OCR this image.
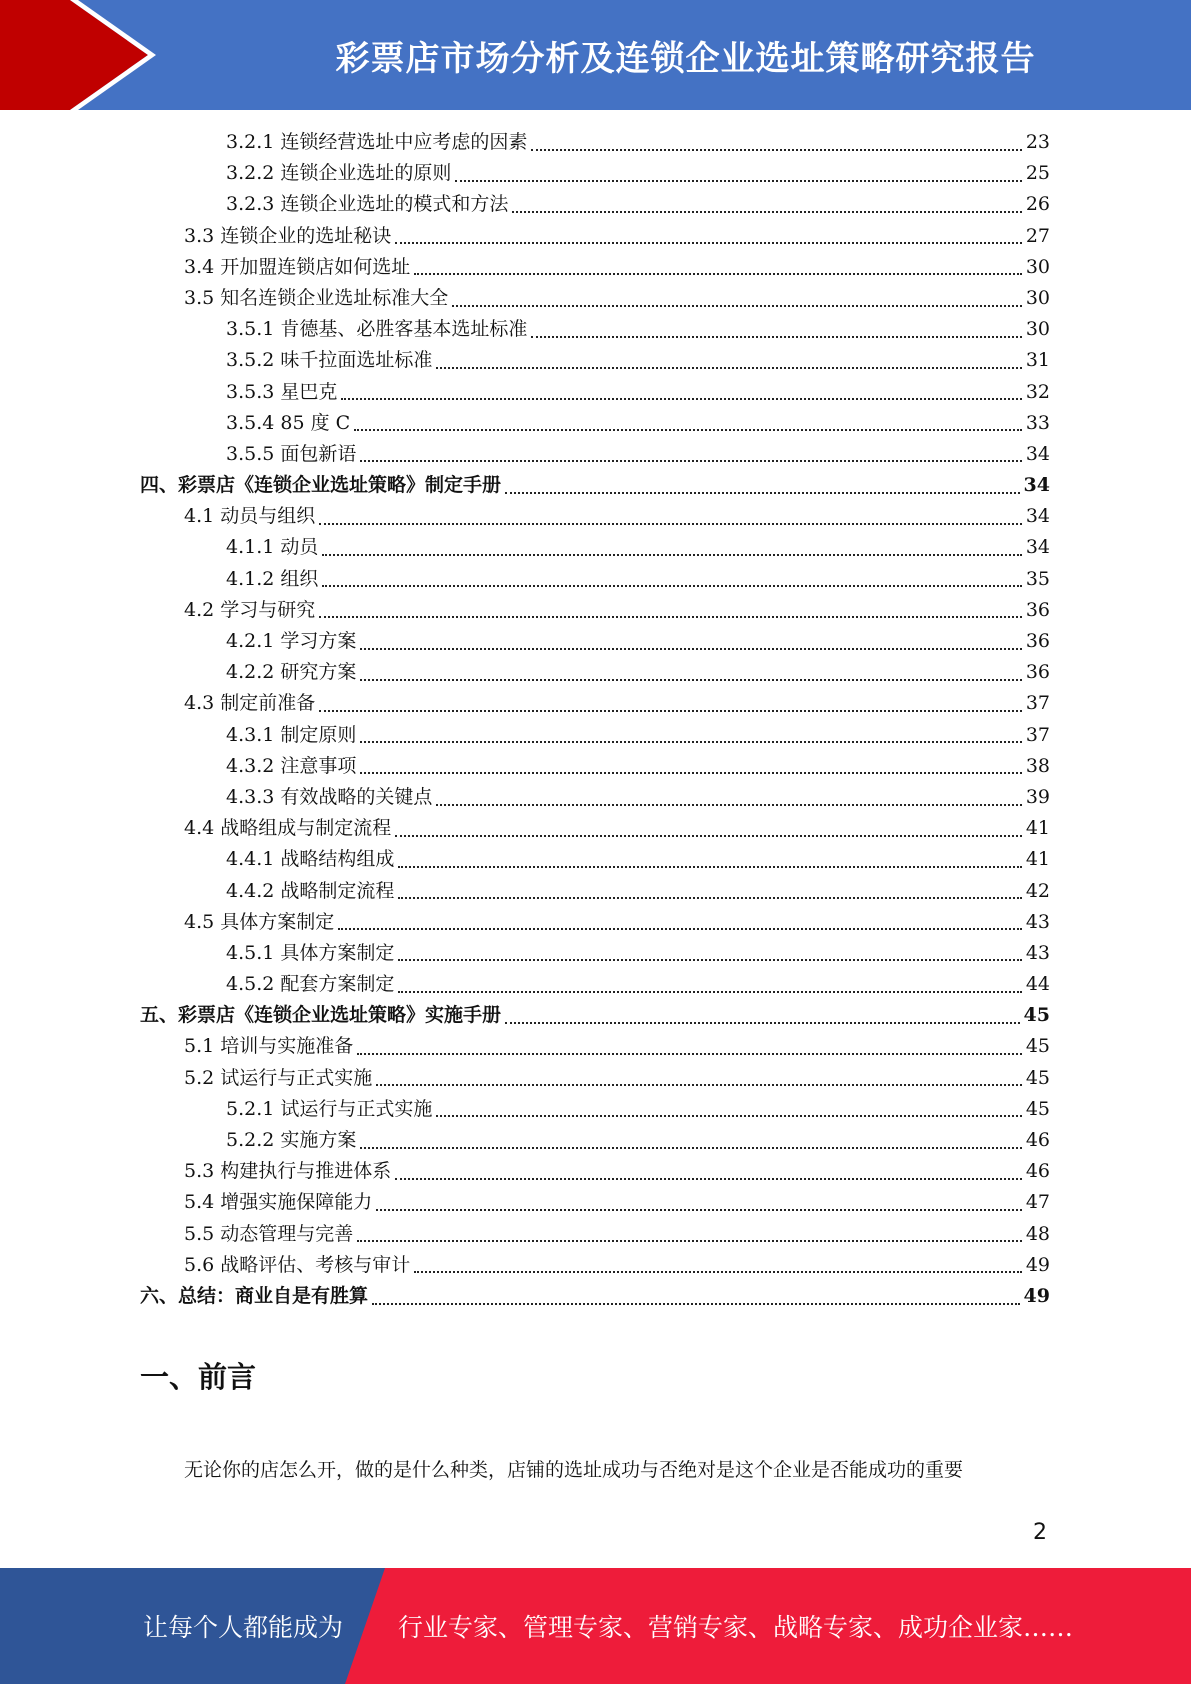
彩票店市场分析及连锁企业选址策略研究报告
3.2.1 连锁经营选址中应考虑的因素	23
3.2.2 连锁企业选址的原则	25
3.2.3 连锁企业选址的模式和方法	26
3.3 连锁企业的选址秘诀	27
3.4 开加盟连锁店如何选址	30
3.5 知名连锁企业选址标准大全	30
3.5.1 肯德基、必胜客基本选址标准	30
3.5.2 味千拉面选址标准	31
3.5.3 星巴克	32
3.5.4 85 度 C	33
3.5.5 面包新语	34
四、彩票店《连锁企业选址策略》制定手册	34
4.1 动员与组织	34
4.1.1 动员	34
4.1.2 组织	35
4.2 学习与研究	36
4.2.1 学习方案	36
4.2.2 研究方案	36
4.3 制定前准备	37
4.3.1 制定原则	37
4.3.2 注意事项	38
4.3.3 有效战略的关键点	39
4.4 战略组成与制定流程	41
4.4.1 战略结构组成	41
4.4.2 战略制定流程	42
4.5 具体方案制定	43
4.5.1 具体方案制定	43
4.5.2 配套方案制定	44
五、彩票店《连锁企业选址策略》实施手册	45
5.1 培训与实施准备	45
5.2 试运行与正式实施	45
5.2.1 试运行与正式实施	45
5.2.2 实施方案	46
5.3 构建执行与推进体系	46
5.4 增强实施保障能力	47
5.5 动态管理与完善	48
5.6 战略评估、考核与审计	49
六、总结：商业自是有胜算	49
一、前言
无论你的店怎么开，做的是什么种类，店铺的选址成功与否绝对是这个企业是否能成功的重要
2
让每个人都能成为 行业专家、管理专家、营销专家、战略专家、成功企业家……
